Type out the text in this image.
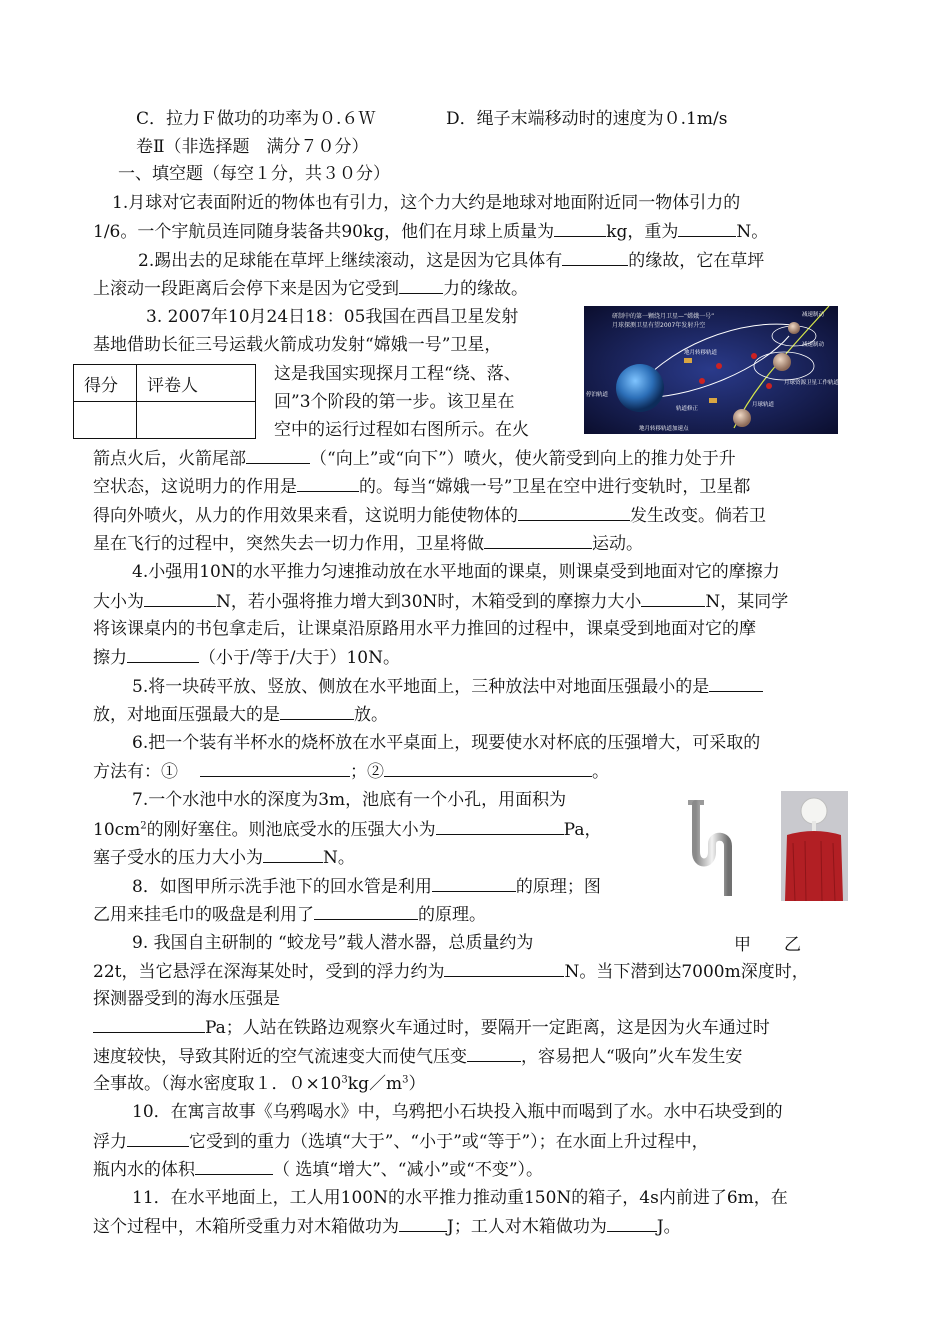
C．拉力Ｆ做功的功率为０.６Ｗ	D．绳子末端移动时的速度为０.1m/s
卷Ⅱ（非选择题　满分７０分）
一、填空题（每空１分，共３０分）
1.月球对它表面附近的物体也有引力，这个力大约是地球对地面附近同一物体引力的
1/6。一个宇航员连同随身装备共90kg，他们在月球上质量为	kg，重为	N。
2.踢出去的足球能在草坪上继续滚动，这是因为它具体有	的缘故，它在草坪
上滚动一段距离后会停下来是因为它受到	力的缘故。
研制中的第一颗绕月卫星—“嫦娥一号”
月球探测卫星有望2007年发射升空
减速制动
减速制动
地月转移轨道
停泊轨道
轨道修正
月球资源卫星工作轨道
月球轨道
地月转移轨道加速点
3. 2007年10月24日18：05我国在西昌卫星发射
基地借助长征三号运载火箭成功发射“嫦娥一号”卫星，
得分	评卷人

这是我国实现探月工程“绕、落、
回”3个阶段的第一步。该卫星在
空中的运行过程如右图所示。在火
箭点火后，火箭尾部	（“向上”或“向下”）喷火，使火箭受到向上的推力处于升
空状态，这说明力的作用是	的。每当“嫦娥一号”卫星在空中进行变轨时，卫星都
得向外喷火，从力的作用效果来看，这说明力能使物体的	发生改变。倘若卫
星在飞行的过程中，突然失去一切力作用，卫星将做	运动。
4.小强用10N的水平推力匀速推动放在水平地面的课桌，则课桌受到地面对它的摩擦力
大小为	N，若小强将推力增大到30N时，木箱受到的摩擦力大小	N，某同学
将该课桌内的书包拿走后，让课桌沿原路用水平力推回的过程中，课桌受到地面对它的摩
擦力	（小于/等于/大于）10N。
5.将一块砖平放、竖放、侧放在水平地面上，三种放法中对地面压强最小的是
放，对地面压强最大的是	放。
6.把一个装有半杯水的烧杯放在水平桌面上，现要使水对杯底的压强增大，可采取的
方法有：①	；②	。
甲 乙
7.一个水池中水的深度为3m，池底有一个小孔，用面积为
$10cm^2$的刚好塞住。则池底受水的压强大小为	Pa，
塞子受水的压力大小为	N。
8．如图甲所示洗手池下的回水管是利用	的原理；图
乙用来挂毛巾的吸盘是利用了	的原理。
9. 我国自主研制的 “蛟龙号”载人潜水器，总质量约为
22t，当它悬浮在深海某处时，受到的浮力约为	N。当下潜到达7000m深度时，
探测器受到的海水压强是
Pa；人站在铁路边观察火车通过时，要隔开一定距离，这是因为火车通过时
速度较快，导致其附近的空气流速变大而使气压变	，容易把人“吸向”火车发生安
全事故。（海水密度取１．$0\times 10^3kg/m^3$）
10．在寓言故事《乌鸦喝水》中，乌鸦把小石块投入瓶中而喝到了水。水中石块受到的
浮力	它受到的重力（选填“大于”、“小于”或“等于”）；在水面上升过程中，
瓶内水的体积	（ 选填“增大”、“减小”或“不变”）。
11．在水平地面上，工人用100N的水平推力推动重150N的箱子，4s内前进了6m，在
这个过程中，木箱所受重力对木箱做功为	J；工人对木箱做功为	J。
